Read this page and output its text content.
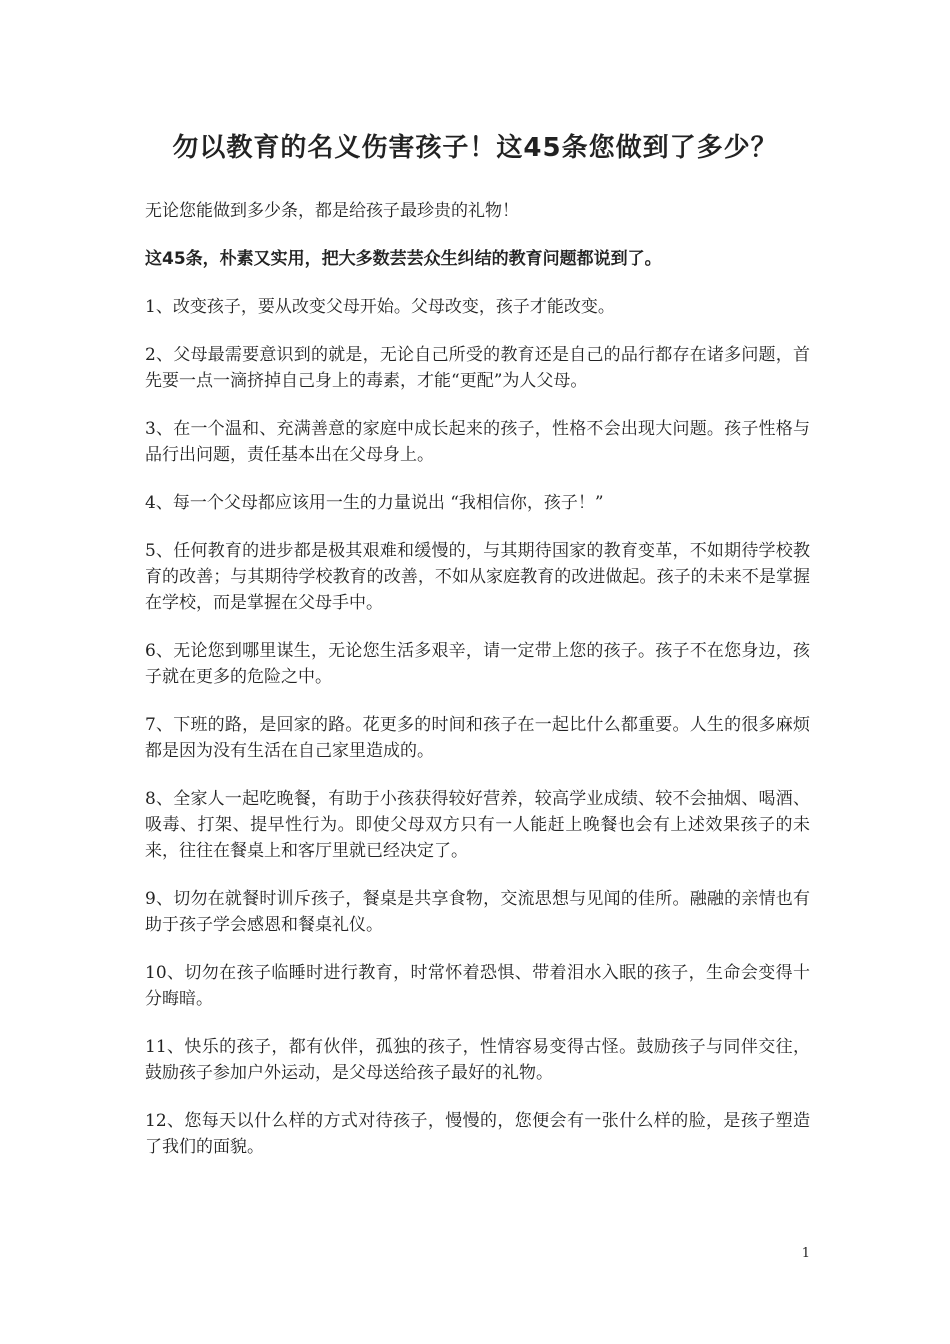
勿以教育的名义伤害孩子！这45条您做到了多少？

无论您能做到多少条，都是给孩子最珍贵的礼物！

这45条，朴素又实用，把大多数芸芸众生纠结的教育问题都说到了。

1、改变孩子，要从改变父母开始。父母改变，孩子才能改变。

2、父母最需要意识到的就是，无论自己所受的教育还是自己的品行都存在诸多问题，首先要一点一滴挤掉自己身上的毒素，才能“更配”为人父母。

3、在一个温和、充满善意的家庭中成长起来的孩子，性格不会出现大问题。孩子性格与品行出问题，责任基本出在父母身上。

4、每一个父母都应该用一生的力量说出 “我相信你，孩子！”

5、任何教育的进步都是极其艰难和缓慢的，与其期待国家的教育变革，不如期待学校教育的改善；与其期待学校教育的改善，不如从家庭教育的改进做起。孩子的未来不是掌握在学校，而是掌握在父母手中。

6、无论您到哪里谋生，无论您生活多艰辛，请一定带上您的孩子。孩子不在您身边，孩子就在更多的危险之中。

7、下班的路，是回家的路。花更多的时间和孩子在一起比什么都重要。人生的很多麻烦都是因为没有生活在自己家里造成的。

8、全家人一起吃晚餐，有助于小孩获得较好营养，较高学业成绩、较不会抽烟、喝酒、吸毒、打架、提早性行为。即使父母双方只有一人能赶上晚餐也会有上述效果孩子的未来，往往在餐桌上和客厅里就已经决定了。

9、切勿在就餐时训斥孩子，餐桌是共享食物，交流思想与见闻的佳所。融融的亲情也有助于孩子学会感恩和餐桌礼仪。

10、切勿在孩子临睡时进行教育，时常怀着恐惧、带着泪水入眠的孩子，生命会变得十分晦暗。

11、快乐的孩子，都有伙伴，孤独的孩子，性情容易变得古怪。鼓励孩子与同伴交往，鼓励孩子参加户外运动，是父母送给孩子最好的礼物。

12、您每天以什么样的方式对待孩子，慢慢的，您便会有一张什么样的脸，是孩子塑造了我们的面貌。

1
